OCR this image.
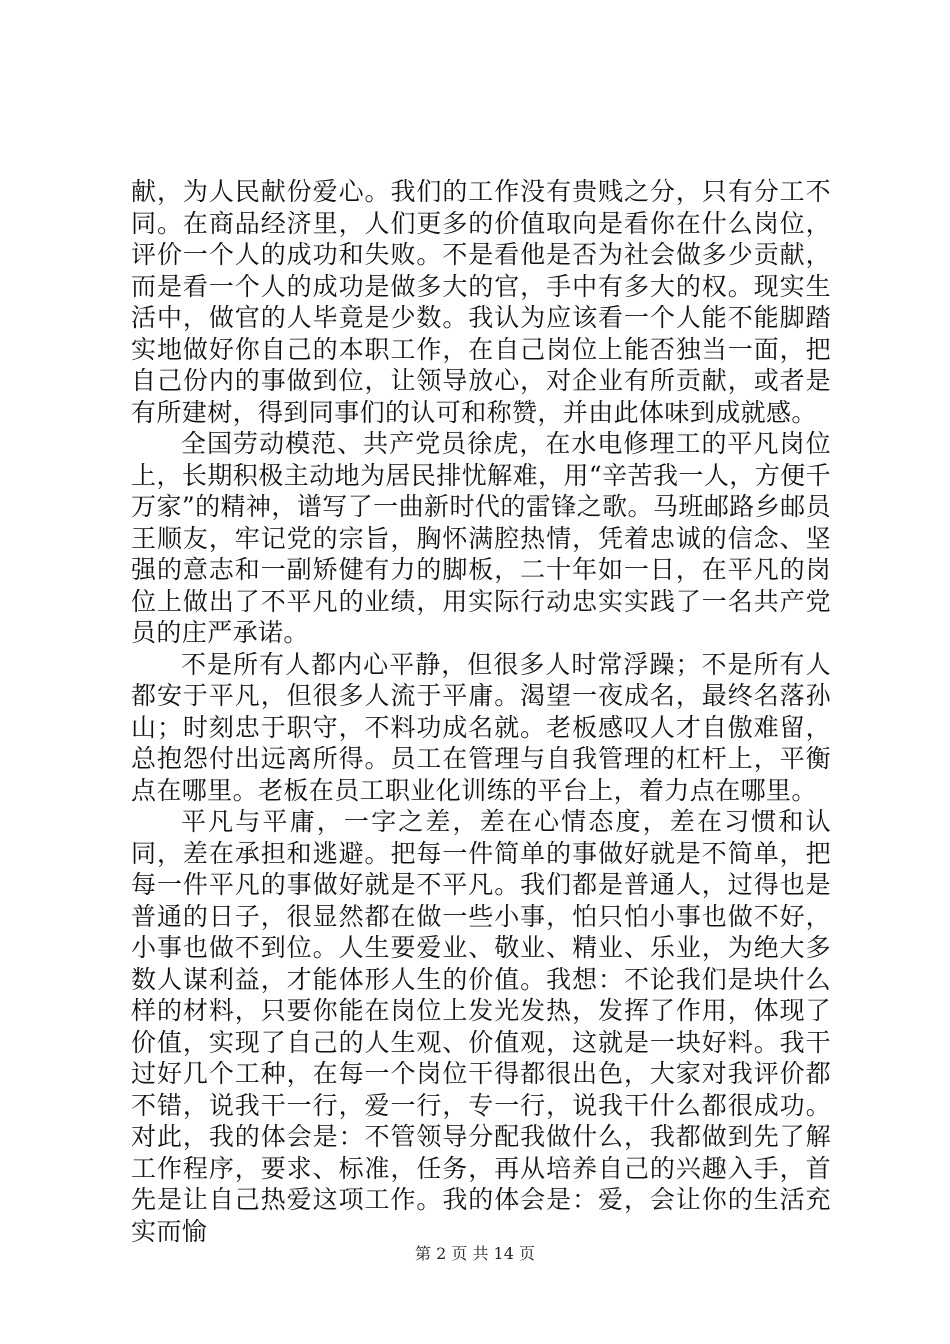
献，为人民献份爱心。我们的工作没有贵贱之分，只有分工不同。在商品经济里，人们更多的价值取向是看你在什么岗位，评价一个人的成功和失败。不是看他是否为社会做多少贡献，而是看一个人的成功是做多大的官，手中有多大的权。现实生活中，做官的人毕竟是少数。我认为应该看一个人能不能脚踏实地做好你自己的本职工作，在自己岗位上能否独当一面，把自己份内的事做到位，让领导放心，对企业有所贡献，或者是有所建树，得到同事们的认可和称赞，并由此体味到成就感。

全国劳动模范、共产党员徐虎，在水电修理工的平凡岗位上，长期积极主动地为居民排忧解难，用“辛苦我一人，方便千万家”的精神，谱写了一曲新时代的雷锋之歌。马班邮路乡邮员王顺友，牢记党的宗旨，胸怀满腔热情，凭着忠诚的信念、坚强的意志和一副矫健有力的脚板，二十年如一日，在平凡的岗位上做出了不平凡的业绩，用实际行动忠实实践了一名共产党员的庄严承诺。

不是所有人都内心平静，但很多人时常浮躁；不是所有人都安于平凡，但很多人流于平庸。渴望一夜成名，最终名落孙山；时刻忠于职守，不料功成名就。老板感叹人才自傲难留，总抱怨付出远离所得。员工在管理与自我管理的杠杆上，平衡点在哪里。老板在员工职业化训练的平台上，着力点在哪里。

平凡与平庸，一字之差，差在心情态度，差在习惯和认同，差在承担和逃避。把每一件简单的事做好就是不简单，把每一件平凡的事做好就是不平凡。我们都是普通人，过得也是普通的日子，很显然都在做一些小事，怕只怕小事也做不好，小事也做不到位。人生要爱业、敬业、精业、乐业，为绝大多数人谋利益，才能体形人生的价值。我想：不论我们是块什么样的材料，只要你能在岗位上发光发热，发挥了作用，体现了价值，实现了自己的人生观、价值观，这就是一块好料。我干过好几个工种，在每一个岗位干得都很出色，大家对我评价都不错，说我干一行，爱一行，专一行，说我干什么都很成功。对此，我的体会是：不管领导分配我做什么，我都做到先了解工作程序，要求、标准，任务，再从培养自己的兴趣入手，首先是让自己热爱这项工作。我的体会是：爱，会让你的生活充实而愉

第 2 页 共 14 页
